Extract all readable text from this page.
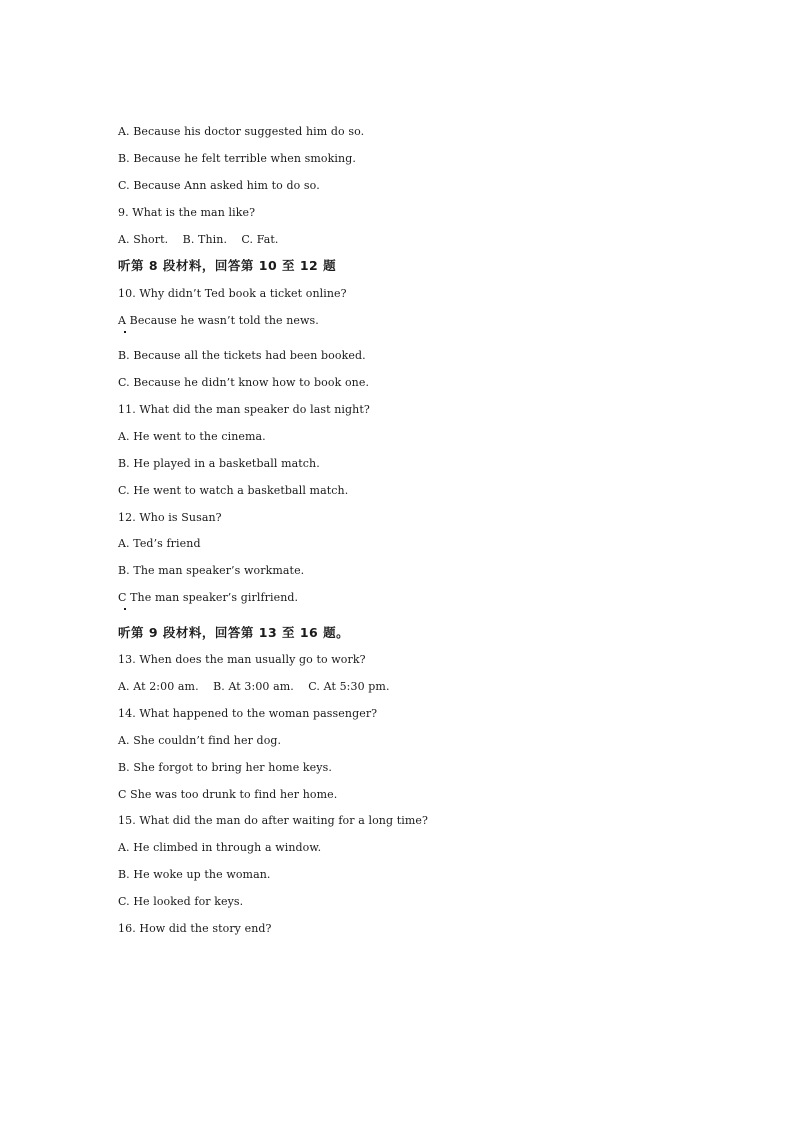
A. Because his doctor suggested him do so.
B. Because he felt terrible when smoking.
C. Because Ann asked him to do so.
9. What is the man like?
A. Short.    B. Thin.    C. Fat.
听第 8 段材料，回答第 10 至 12 题
10. Why didn’t Ted book a ticket online?
A Because he wasn’t told the news.
B. Because all the tickets had been booked.
C. Because he didn’t know how to book one.
11. What did the man speaker do last night?
A. He went to the cinema.
B. He played in a basketball match.
C. He went to watch a basketball match.
12. Who is Susan?
A. Ted’s friend
B. The man speaker’s workmate.
C The man speaker’s girlfriend.
听第 9 段材料，回答第 13 至 16 题。
13. When does the man usually go to work?
A. At 2:00 am.    B. At 3:00 am.    C. At 5:30 pm.
14. What happened to the woman passenger?
A. She couldn’t find her dog.
B. She forgot to bring her home keys.
C She was too drunk to find her home.
15. What did the man do after waiting for a long time?
A. He climbed in through a window.
B. He woke up the woman.
C. He looked for keys.
16. How did the story end?
